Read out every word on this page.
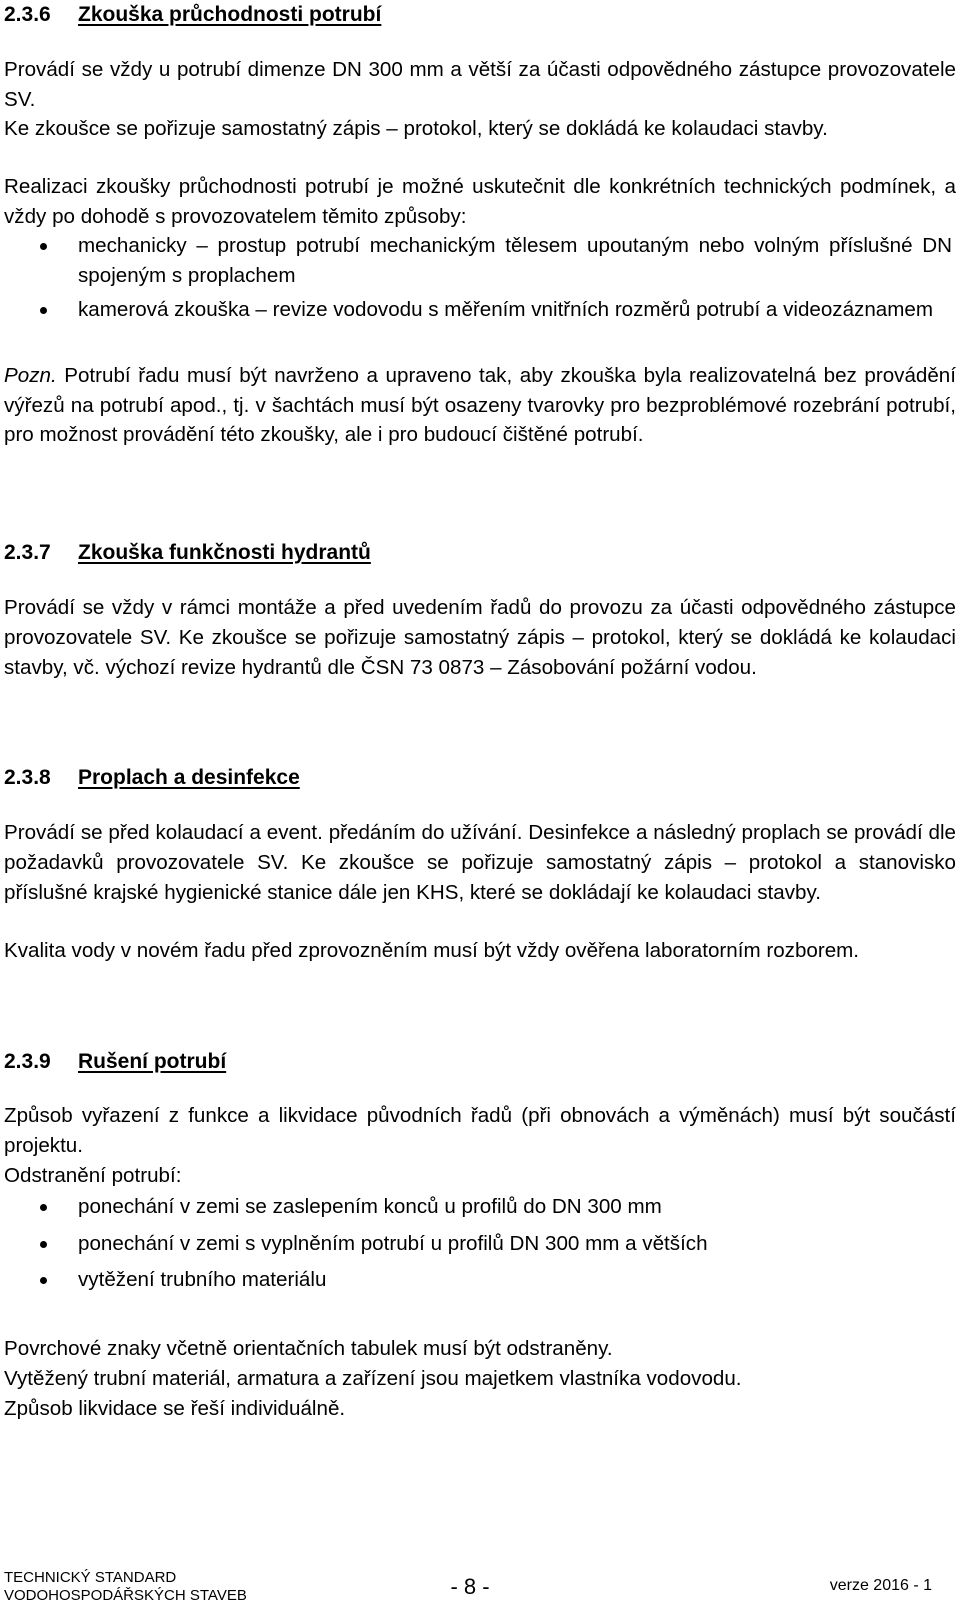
2.3.6 Zkouška průchodnosti potrubí
Provádí se vždy u potrubí dimenze DN 300 mm a větší za účasti odpovědného zástupce provozovatele SV.
Ke zkoušce se pořizuje samostatný zápis – protokol, který se dokládá ke kolaudaci stavby.
Realizaci zkoušky průchodnosti potrubí je možné uskutečnit dle konkrétních technických podmínek, a vždy po dohodě s provozovatelem těmito způsoby:
mechanicky – prostup potrubí mechanickým tělesem upoutaným nebo volným příslušné DN spojeným s proplachem
kamerová zkouška – revize vodovodu s měřením vnitřních rozměrů potrubí a videozáznamem
Pozn. Potrubí řadu musí být navrženo a upraveno tak, aby zkouška byla realizovatelná bez provádění výřezů na potrubí apod., tj. v šachtách musí být osazeny tvarovky pro bezproblémové rozebrání potrubí, pro možnost provádění této zkoušky, ale i pro budoucí čištěné potrubí.
2.3.7 Zkouška funkčnosti hydrantů
Provádí se vždy v rámci montáže a před uvedením řadů do provozu za účasti odpovědného zástupce provozovatele SV. Ke zkoušce se pořizuje samostatný zápis – protokol, který se dokládá ke kolaudaci stavby, vč. výchozí revize hydrantů dle ČSN 73 0873 – Zásobování požární vodou.
2.3.8 Proplach a desinfekce
Provádí se před kolaudací a event. předáním do užívání. Desinfekce a následný proplach se provádí dle požadavků provozovatele SV. Ke zkoušce se pořizuje samostatný zápis – protokol a stanovisko příslušné krajské hygienické stanice dále jen KHS, které se dokládají ke kolaudaci stavby.
Kvalita vody v novém řadu před zprovozněním musí být vždy ověřena laboratorním rozborem.
2.3.9 Rušení potrubí
Způsob vyřazení z funkce a likvidace původních řadů (při obnovách a výměnách) musí být součástí projektu.
Odstranění potrubí:
ponechání v zemi se zaslepením konců u profilů do DN 300 mm
ponechání v zemi s vyplněním potrubí u profilů DN 300 mm a větších
vytěžení trubního materiálu
Povrchové znaky včetně orientačních tabulek musí být odstraněny.
Vytěžený trubní materiál, armatura a zařízení jsou majetkem vlastníka vodovodu.
Způsob likvidace se řeší individuálně.
TECHNICKÝ STANDARD
VODOHOSPODÁŘSKÝCH STAVEB	- 8 -	verze 2016 - 1
